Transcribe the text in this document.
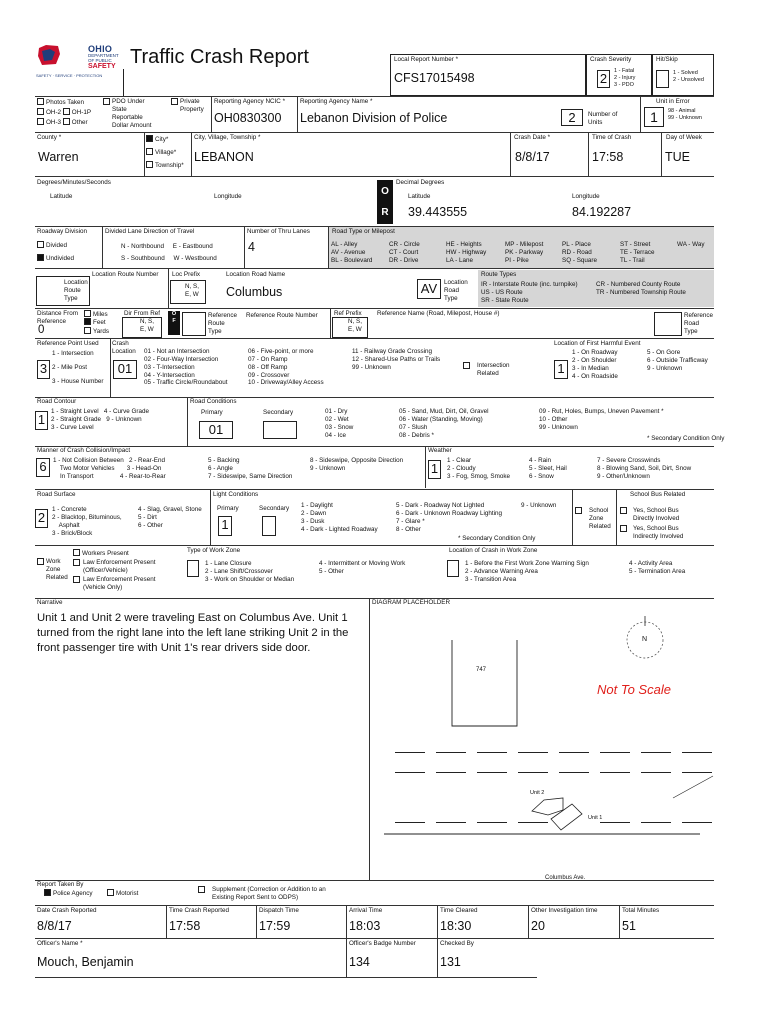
OHIO
DEPARTMENT
OF PUBLIC
SAFETY
SAFETY · SERVICE · PROTECTION
Traffic Crash Report	Local Report Number *
CFS17015498
Crash Severity
2	1 - Fatal
2 - Injury
3 - PDO
Hit/Skip
1 - Solved
2 - Unsolved
Photos Taken
OH-2 OH-1P
OH-3 Other
PDO Under
State
Reportable
Dollar Amount
Private
Property
Reporting Agency NCIC *
OH0830300
Reporting Agency Name *
Lebanon Division of Police	2	Number of
Units
Unit in Error
1	98 - Animal
99 - Unknown
County *
Warren
City*
Village*
Township*
City, Village, Township *
LEBANON
Crash Date *
8/8/17
Time of Crash
17:58
Day of Week
TUE
Degrees/Minutes/Seconds
Latitude	Longitude	O
R
Decimal Degrees
Latitude	Longitude
39.443555	84.192287
Roadway Division
Divided
Undivided
Divided Lane Direction of Travel
N - Northbound     E - Eastbound
S - Southbound     W - Westbound
Number of Thru Lanes
4
Road Type or Milepost
AL - Alley
AV - Avenue
BL - Boulevard
CR - Circle
CT - Court
DR - Drive
HE - Heights
HW - Highway
LA - Lane
MP - Milepost
PK - Parkway
PI - Pike
PL - Place
RD - Road
SQ - Square
ST - Street
TE - Terrace
TL - Trail
WA - Way
Location
Route
Type
Location Route Number Loc Prefix
N, S,
E, W
Location Road Name
Columbus	AV	Location
Road
Type
Route Types
IR - Interstate Route (inc. turnpike)
US - US Route
SR - State Route
CR - Numbered County Route
TR - Numbered Township Route
Distance From
Reference
0
Miles
Feet
Yards
Dir From Ref
N, S,
E, W
O
F
Reference
Route
Type
Reference Route Number	Ref Prefix
N, S,
E, W
Reference Name (Road, Milepost, House #)	Reference
Road
Type
Reference Point Used
3
1 - Intersection

2 - Mile Post

3 - House Number
Crash
Location
01
01 - Not an Intersection
02 - Four-Way Intersection
03 - T-Intersection
04 - Y-Intersection
05 - Traffic Circle/Roundabout
06 - Five-point, or more
07 - On Ramp
08 - Off Ramp
09 - Crossover
10 - Driveway/Alley Access
11 - Railway Grade Crossing
12 - Shared-Use Paths or Trails
99 - Unknown	Intersection
Related
Location of First Harmful Event
1
1 - On Roadway
2 - On Shoulder
3 - In Median
4 - On Roadside
5 - On Gore
6 - Outside Trafficway
9 - Unknown
Road Contour
1
1 - Straight Level   4 - Curve Grade
2 - Straight Grade   9 - Unknown
3 - Curve Level
Road Conditions
Primary	Secondary
01
01 - Dry
02 - Wet
03 - Snow
04 - Ice
05 - Sand, Mud, Dirt, Oil, Gravel
06 - Water (Standing, Moving)
07 - Slush
08 - Debris *
09 - Rut, Holes, Bumps, Uneven Pavement *
10 - Other
99 - Unknown
* Secondary Condition Only
Manner of Crash Collision/Impact
6	1 - Not Collision Between   2 - Rear-End
Two Motor Vehicles       3 - Head-On
In Transport               4 - Rear-to-Rear
5 - Backing
6 - Angle
7 - Sideswipe, Same Direction
8 - Sideswipe, Opposite Direction
9 - Unknown
Weather
1
1 - Clear
2 - Cloudy
3 - Fog, Smog, Smoke
4 - Rain
5 - Sleet, Hail
6 - Snow
7 - Severe Crosswinds
8 - Blowing Sand, Soil, Dirt, Snow
9 - Other/Unknown
Road Surface
2
1 - Concrete
2 - Blacktop, Bituminous,
Asphalt
3 - Brick/Block
4 - Slag, Gravel, Stone
5 - Dirt
6 - Other
Light Conditions
Primary	Secondary
1
1 - Daylight
2 - Dawn
3 - Dusk
4 - Dark - Lighted Roadway
5 - Dark - Roadway Not Lighted
6 - Dark - Unknown Roadway Lighting
7 - Glare *
8 - Other
9 - Unknown
* Secondary Condition Only
School
Zone
Related
School Bus Related
Yes, School Bus
Directly Involved
Yes, School Bus
Indirectly Involved
Work
Zone
Related
Workers Present
Law Enforcement Present
(Officer/Vehicle)
Law Enforcement Present
(Vehicle Only)
Type of Work Zone
1 - Lane Closure
2 - Lane Shift/Crossover
3 - Work on Shoulder or Median
4 - Intermittent or Moving Work
5 - Other
Location of Crash in Work Zone
1 - Before the First Work Zone Warning Sign
2 - Advance Warning Area
3 - Transition Area
4 - Activity Area
5 - Termination Area
Narrative
Unit 1 and Unit 2 were traveling East on Columbus Ave. Unit 1 turned from the right lane into the left lane striking Unit 2 in the front passenger tire with Unit 1's rear drivers side door.
DIAGRAM PLACEHOLDER
N
747
Not To Scale
Unit 2
Unit 1
Columbus Ave.
Report Taken By
Police Agency	Motorist
Supplement (Correction or Addition to an
Existing Report Sent to ODPS)
Date Crash Reported
8/8/17
Time Crash Reported
17:58
Dispatch Time
17:59
Arrival Time
18:03
Time Cleared
18:30
Other Investigation time
20
Total Minutes
51
Officer's Name *
Mouch, Benjamin
Officer's Badge Number
134
Checked By
131
